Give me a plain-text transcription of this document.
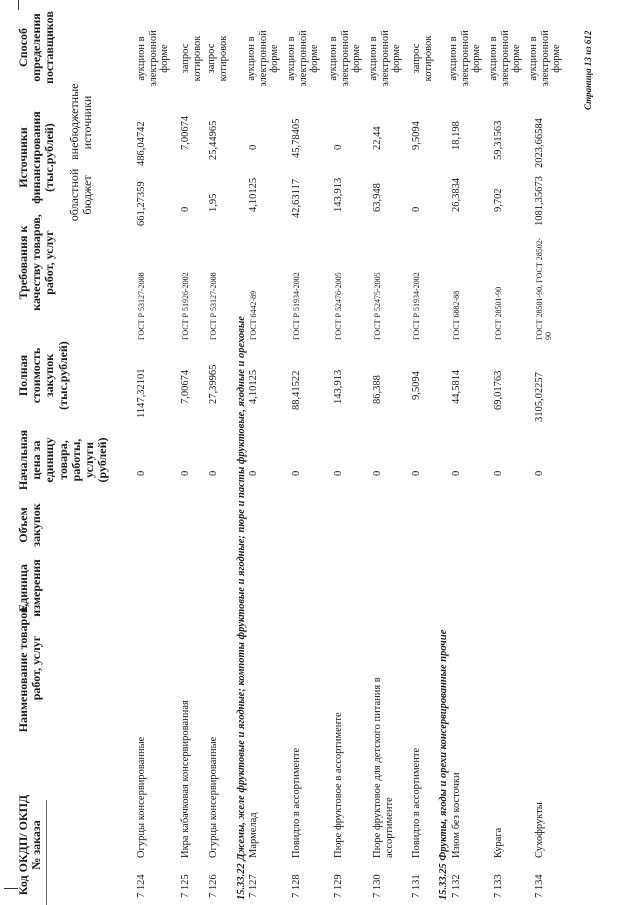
Код ОКДП/ ОКПД № заказа
Наименование товаров, работ, услуг
Единица измерения
Объем закупок
Начальная цена за единицу товара, работы, услуги (рублей)
Полная стоимость закупок (тыс.рублей)
Требования к качеству товаров, работ, услуг
Источники финансирования (тыс.рублей)
областной бюджет
внебюджетные источники
Способ определения поставщиков
7 124
Огурцы консервированные
0
1147,32101
ГОСТ Р 53127-2008
661,27359
486,04742
аукцион в электронной форме
7 125
Икра кабачковая консервированная
0
7,00674
ГОСТ Р 51926-2002
0
7,00674
запрос котировок
7 126
Огурцы консервированные
0
27,39965
ГОСТ Р 53127-2008
1,95
25,44965
запрос котировок
15.33.22 Джемы, желе фруктовые и ягодные; компоты фруктовые и ягодные; пюре и пасты фруктовые, ягодные и ореховые
7 127
Мармелад
0
4,10125
ГОСТ 6442-89
4,10125
0
аукцион в электронной форме
7 128
Повидло в ассортименте
0
88,41522
ГОСТ Р 51934-2002
42,63117
45,78405
аукцион в электронной форме
7 129
Пюре фруктовое в ассортименте
0
143,913
ГОСТ Р 52476-2005
143,913
0
аукцион в электронной форме
7 130
Пюре фруктовое для детского питания в ассортименте
0
86,388
ГОСТ Р 52475-2005
63,948
22,44
аукцион в электронной форме
7 131
Повидло в ассортименте
0
9,5094
ГОСТ Р 51934-2002
0
9,5094
запрос котировок
15.33.25 Фрукты, ягоды и орехи консервированные прочие
7 132
Изюм без косточки
0
44,5814
ГОСТ 6882-88
26,3834
18,198
аукцион в электронной форме
7 133
Курага
0
69,01763
ГОСТ 28501-90
9,702
59,31563
аукцион в электронной форме
7 134
Сухофрукты
0
3105,02257
ГОСТ 28501-90, ГОСТ 28502-90
1081,35673
2023,66584
аукцион в электронной форме Страница 13 из 612
